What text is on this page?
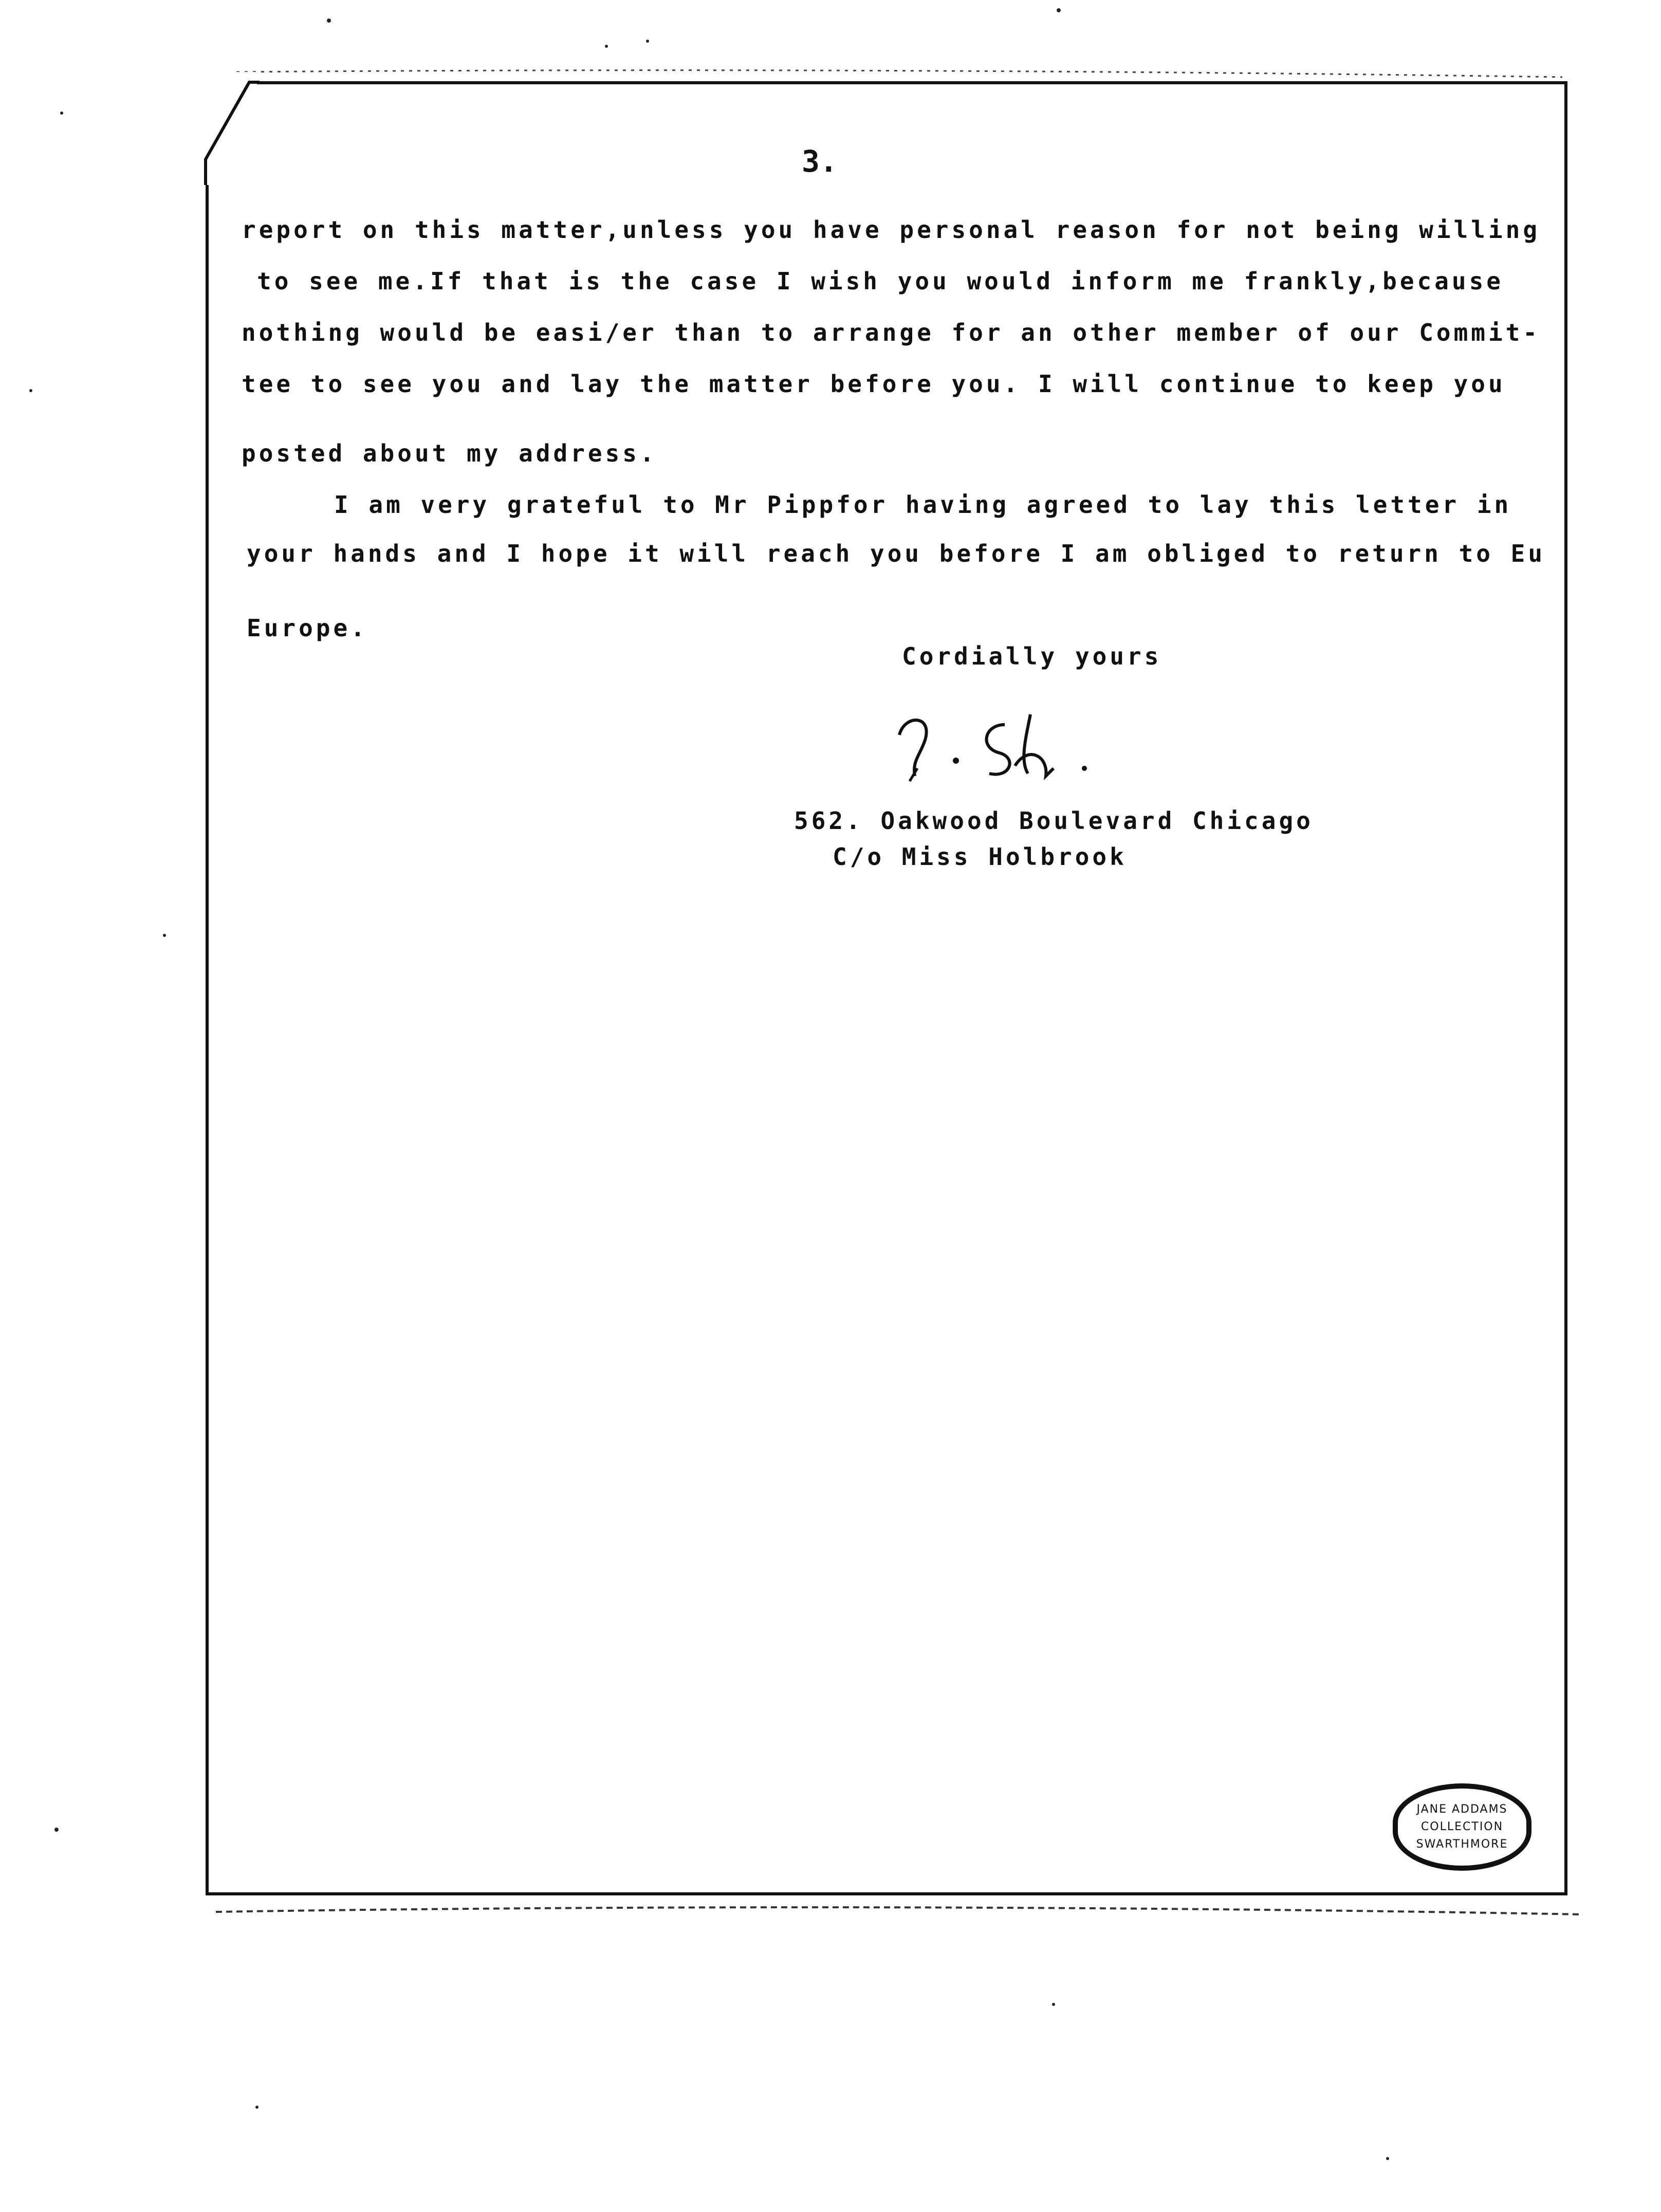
3.
report on this matter,unless you have personal reason for not being willing
to see me.If that is the case I wish you would inform me frankly,because
nothing would be easi/er than to arrange for an other member of our Commit-
tee to see you and lay the matter before you. I will continue to keep you
posted about my address.
I am very grateful to Mr Pippfor having agreed to lay this letter in
your hands and I hope it will reach you before I am obliged to return to Eu
Europe.
Cordially yours
562. Oakwood Boulevard Chicago
C/o Miss Holbrook
JANE ADDAMS
COLLECTION
SWARTHMORE
